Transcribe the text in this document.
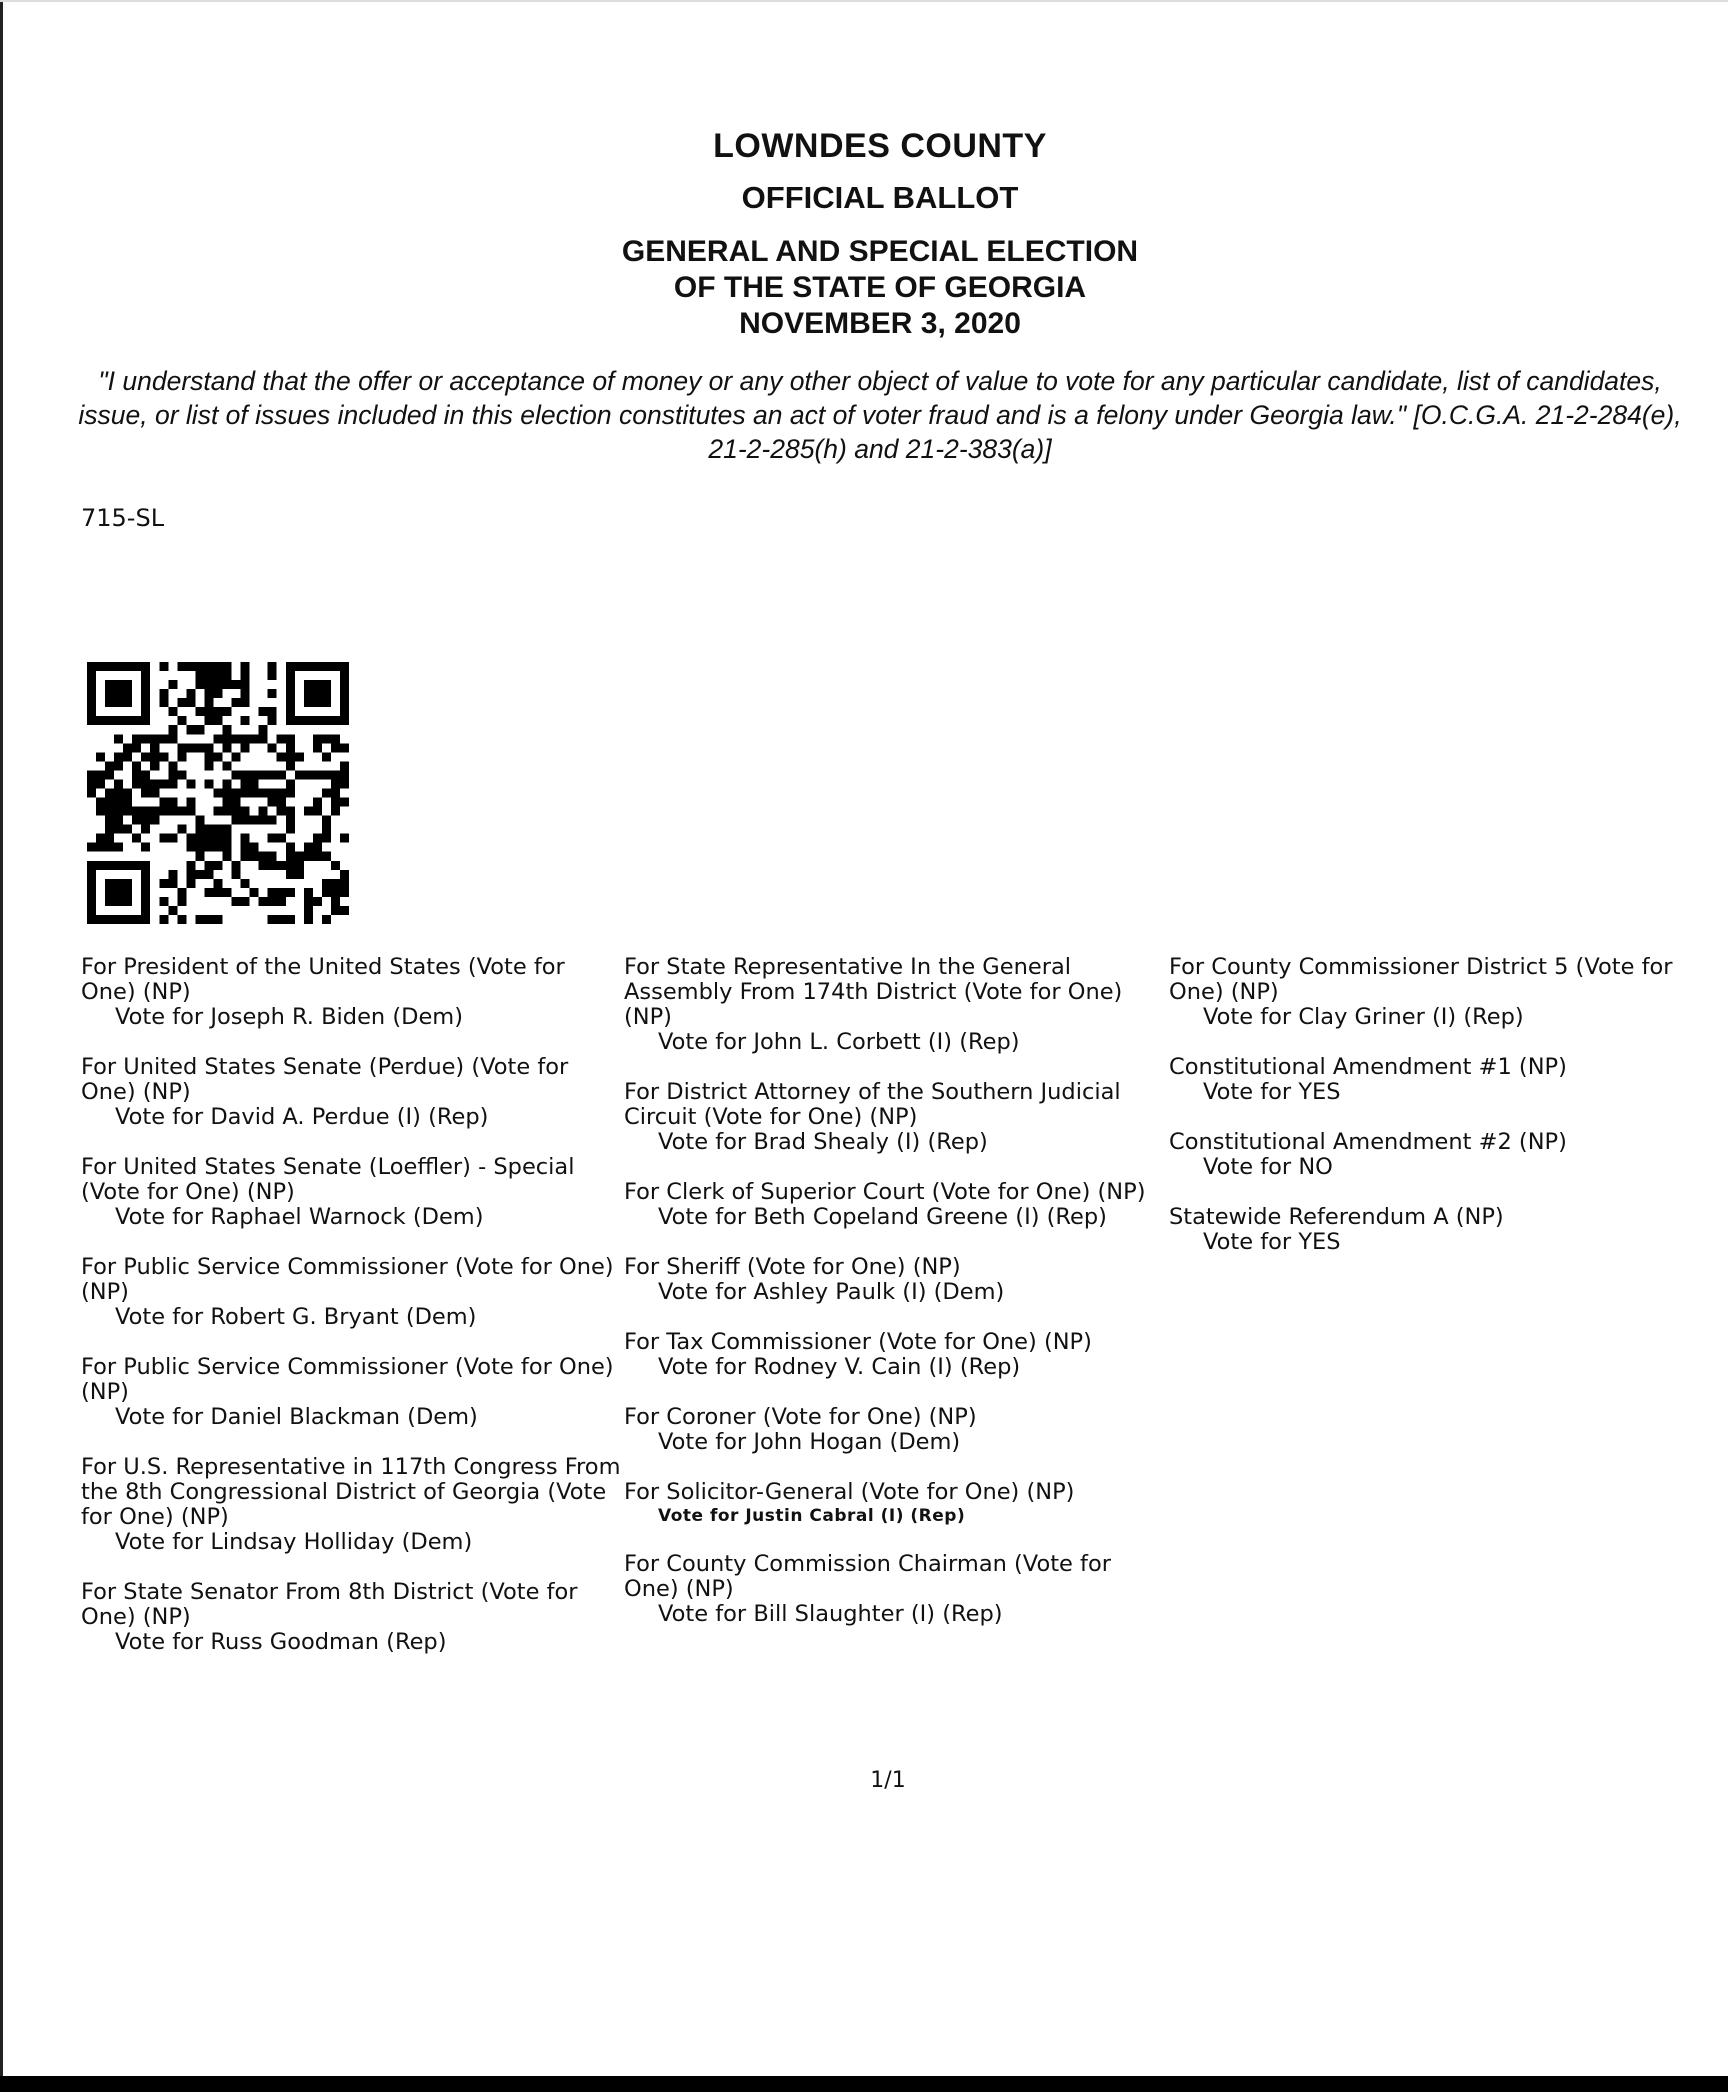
LOWNDES COUNTY
OFFICIAL BALLOT
GENERAL AND SPECIAL ELECTION
OF THE STATE OF GEORGIA
NOVEMBER 3, 2020
"I understand that the offer or acceptance of money or any other object of value to vote for any particular candidate, list of candidates, issue, or list of issues included in this election constitutes an act of voter fraud and is a felony under Georgia law." [O.C.G.A. 21-2-284(e), 21-2-285(h) and 21-2-383(a)]
715-SL
For President of the United States (Vote for One) (NP)
Vote for Joseph R. Biden (Dem)
For United States Senate (Perdue) (Vote for One) (NP)
Vote for David A. Perdue (I) (Rep)
For United States Senate (Loeffler) - Special (Vote for One) (NP)
Vote for Raphael Warnock (Dem)
For Public Service Commissioner (Vote for One) (NP)
Vote for Robert G. Bryant (Dem)
For Public Service Commissioner (Vote for One) (NP)
Vote for Daniel Blackman (Dem)
For U.S. Representative in 117th Congress From the 8th Congressional District of Georgia (Vote for One) (NP)
Vote for Lindsay Holliday (Dem)
For State Senator From 8th District (Vote for One) (NP)
Vote for Russ Goodman (Rep)
For State Representative In the General Assembly From 174th District (Vote for One) (NP)
Vote for John L. Corbett (I) (Rep)
For District Attorney of the Southern Judicial Circuit (Vote for One) (NP)
Vote for Brad Shealy (I) (Rep)
For Clerk of Superior Court (Vote for One) (NP)
Vote for Beth Copeland Greene (I) (Rep)
For Sheriff (Vote for One) (NP)
Vote for Ashley Paulk (I) (Dem)
For Tax Commissioner (Vote for One) (NP)
Vote for Rodney V. Cain (I) (Rep)
For Coroner (Vote for One) (NP)
Vote for John Hogan (Dem)
For Solicitor-General (Vote for One) (NP)
Vote for Justin Cabral (I) (Rep)
For County Commission Chairman (Vote for One) (NP)
Vote for Bill Slaughter (I) (Rep)
For County Commissioner District 5 (Vote for One) (NP)
Vote for Clay Griner (I) (Rep)
Constitutional Amendment #1 (NP)
Vote for YES
Constitutional Amendment #2 (NP)
Vote for NO
Statewide Referendum A (NP)
Vote for YES
1/1
